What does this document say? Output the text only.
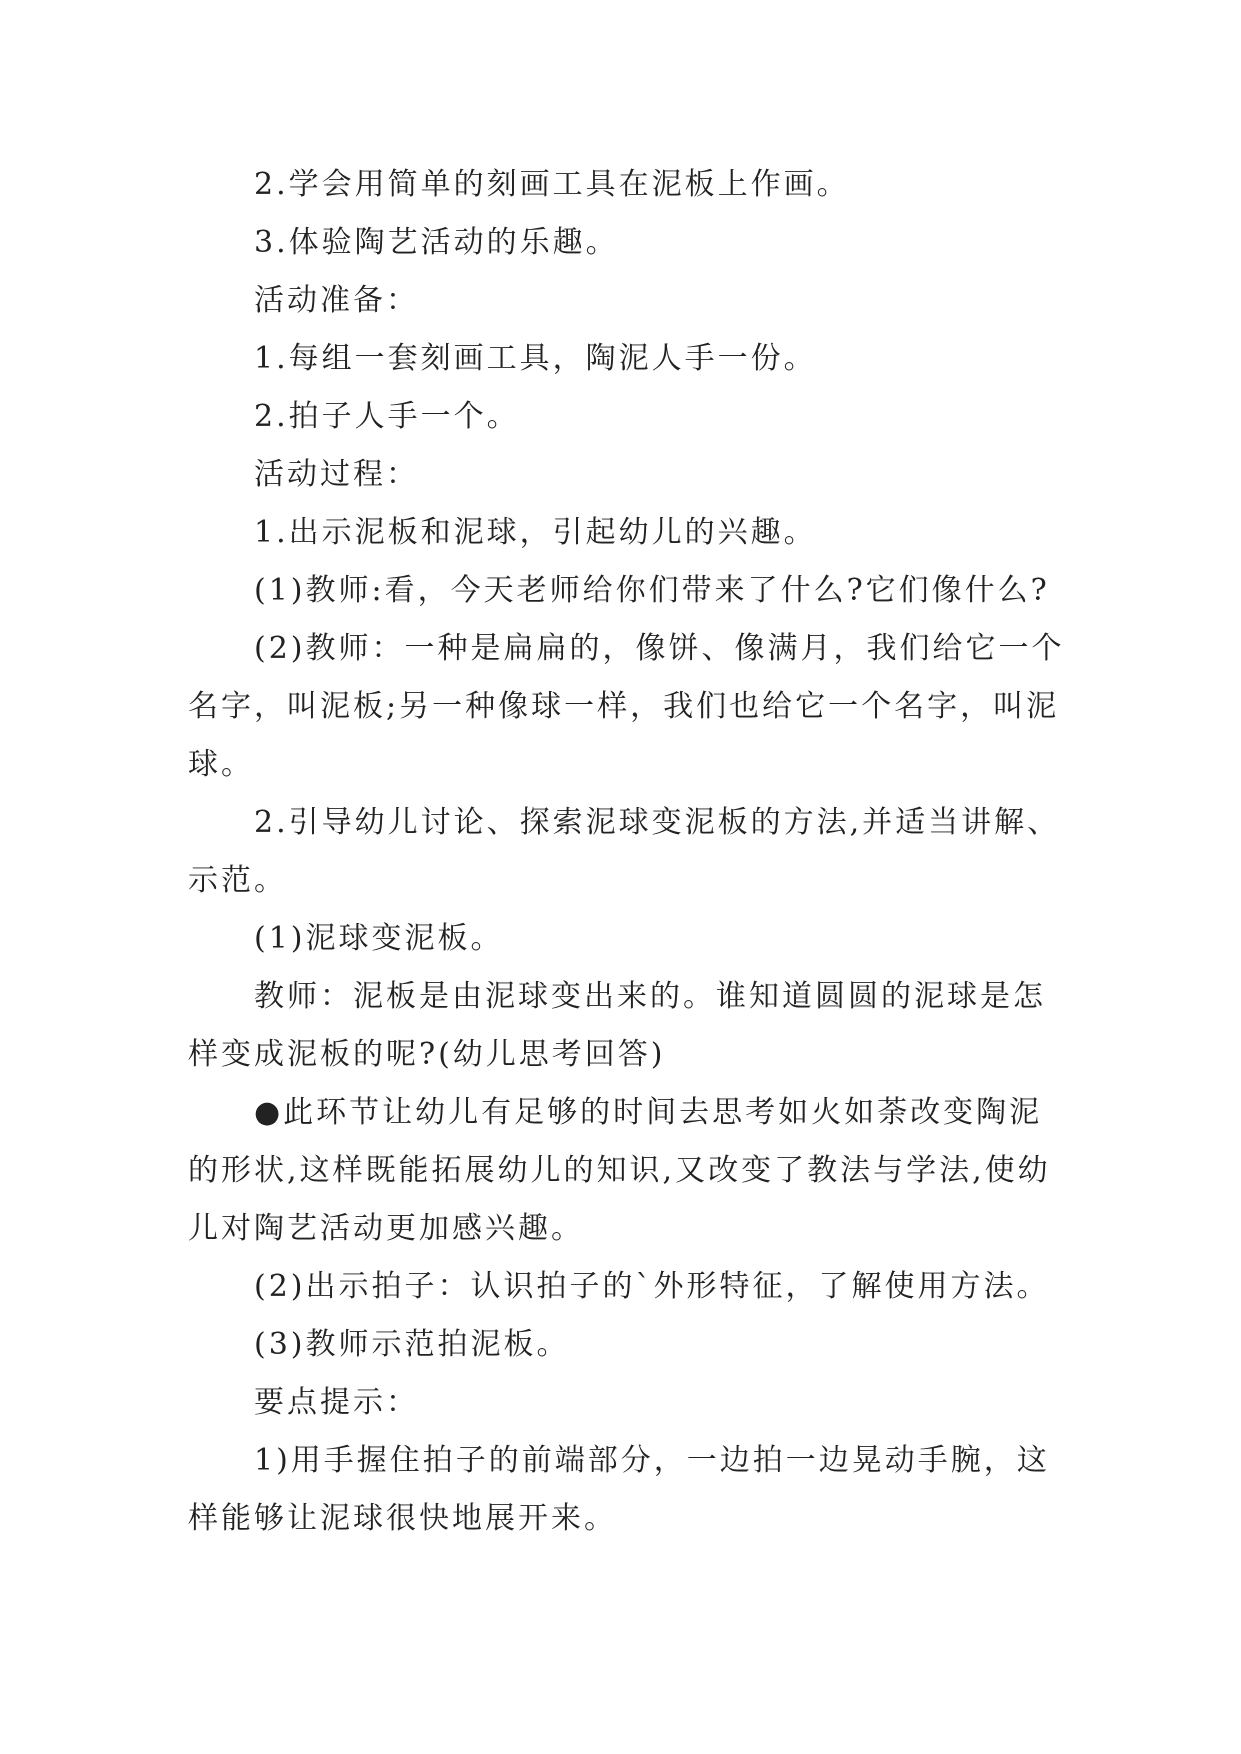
2.学会用简单的刻画工具在泥板上作画。

3.体验陶艺活动的乐趣。

活动准备：

1.每组一套刻画工具，陶泥人手一份。

2.拍子人手一个。

活动过程：

1.出示泥板和泥球，引起幼儿的兴趣。

(1)教师:看，今天老师给你们带来了什么?它们像什么?

(2)教师：一种是扁扁的，像饼、像满月，我们给它一个名字，叫泥板;另一种像球一样，我们也给它一个名字，叫泥球。

2.引导幼儿讨论、探索泥球变泥板的方法,并适当讲解、示范。

(1)泥球变泥板。

教师：泥板是由泥球变出来的。谁知道圆圆的泥球是怎样变成泥板的呢?(幼儿思考回答)

●此环节让幼儿有足够的时间去思考如火如荼改变陶泥的形状,这样既能拓展幼儿的知识,又改变了教法与学法,使幼儿对陶艺活动更加感兴趣。

(2)出示拍子：认识拍子的`外形特征，了解使用方法。

(3)教师示范拍泥板。

要点提示：

1)用手握住拍子的前端部分，一边拍一边晃动手腕，这样能够让泥球很快地展开来。
